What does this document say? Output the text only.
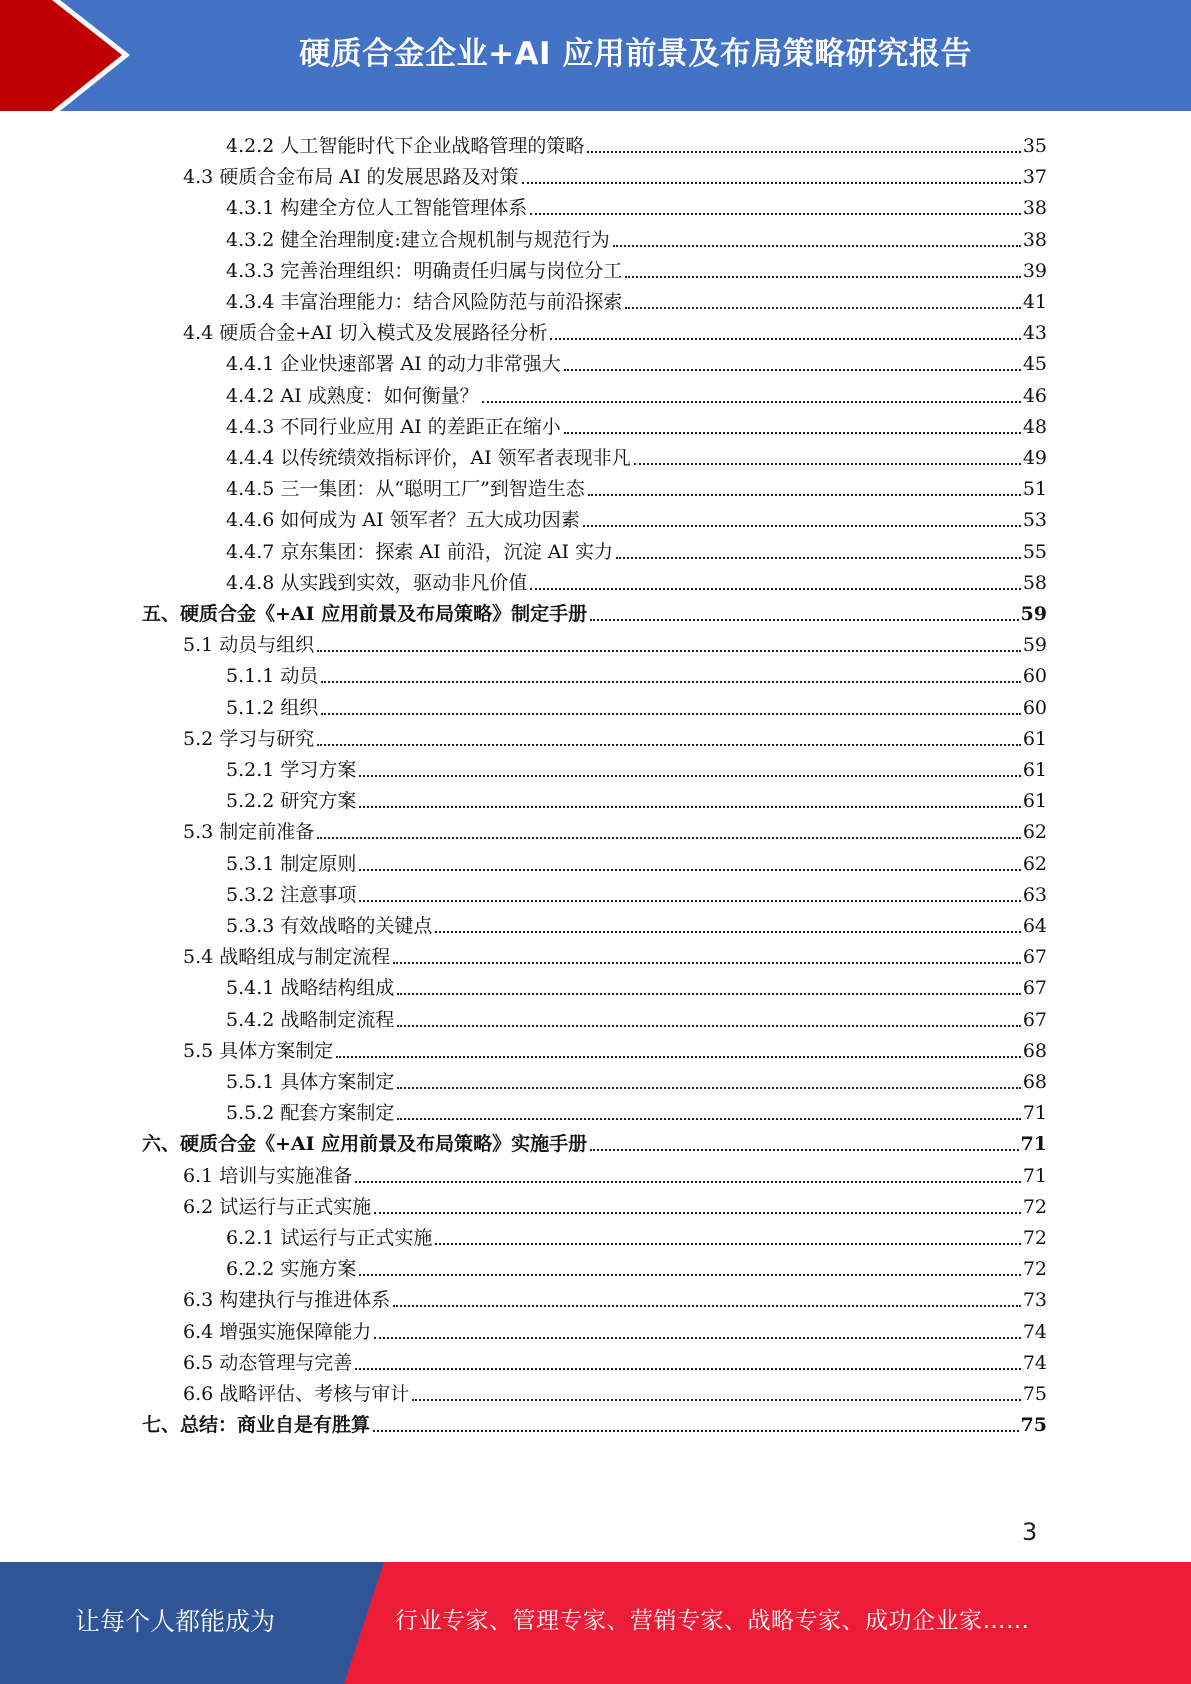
硬质合金企业+AI 应用前景及布局策略研究报告
4.2.2 人工智能时代下企业战略管理的策略	35
4.3 硬质合金布局 AI 的发展思路及对策	37
4.3.1 构建全方位人工智能管理体系	38
4.3.2 健全治理制度:建立合规机制与规范行为	38
4.3.3 完善治理组织：明确责任归属与岗位分工	39
4.3.4 丰富治理能力：结合风险防范与前沿探索	41
4.4 硬质合金+AI 切入模式及发展路径分析	43
4.4.1 企业快速部署 AI 的动力非常强大	45
4.4.2 AI 成熟度：如何衡量？	46
4.4.3 不同行业应用 AI 的差距正在缩小	48
4.4.4 以传统绩效指标评价，AI 领军者表现非凡	49
4.4.5 三一集团：从“聪明工厂”到智造生态	51
4.4.6 如何成为 AI 领军者？五大成功因素	53
4.4.7 京东集团：探索 AI 前沿，沉淀 AI 实力	55
4.4.8 从实践到实效，驱动非凡价值	58
五、硬质合金《+AI 应用前景及布局策略》制定手册	59
5.1 动员与组织	59
5.1.1 动员	60
5.1.2 组织	60
5.2 学习与研究	61
5.2.1 学习方案	61
5.2.2 研究方案	61
5.3 制定前准备	62
5.3.1 制定原则	62
5.3.2 注意事项	63
5.3.3 有效战略的关键点	64
5.4 战略组成与制定流程	67
5.4.1 战略结构组成	67
5.4.2 战略制定流程	67
5.5 具体方案制定	68
5.5.1 具体方案制定	68
5.5.2 配套方案制定	71
六、硬质合金《+AI 应用前景及布局策略》实施手册	71
6.1 培训与实施准备	71
6.2 试运行与正式实施	72
6.2.1 试运行与正式实施	72
6.2.2 实施方案	72
6.3 构建执行与推进体系	73
6.4 增强实施保障能力	74
6.5 动态管理与完善	74
6.6 战略评估、考核与审计	75
七、总结：商业自是有胜算	75
3
让每个人都能成为	行业专家、管理专家、营销专家、战略专家、成功企业家……
